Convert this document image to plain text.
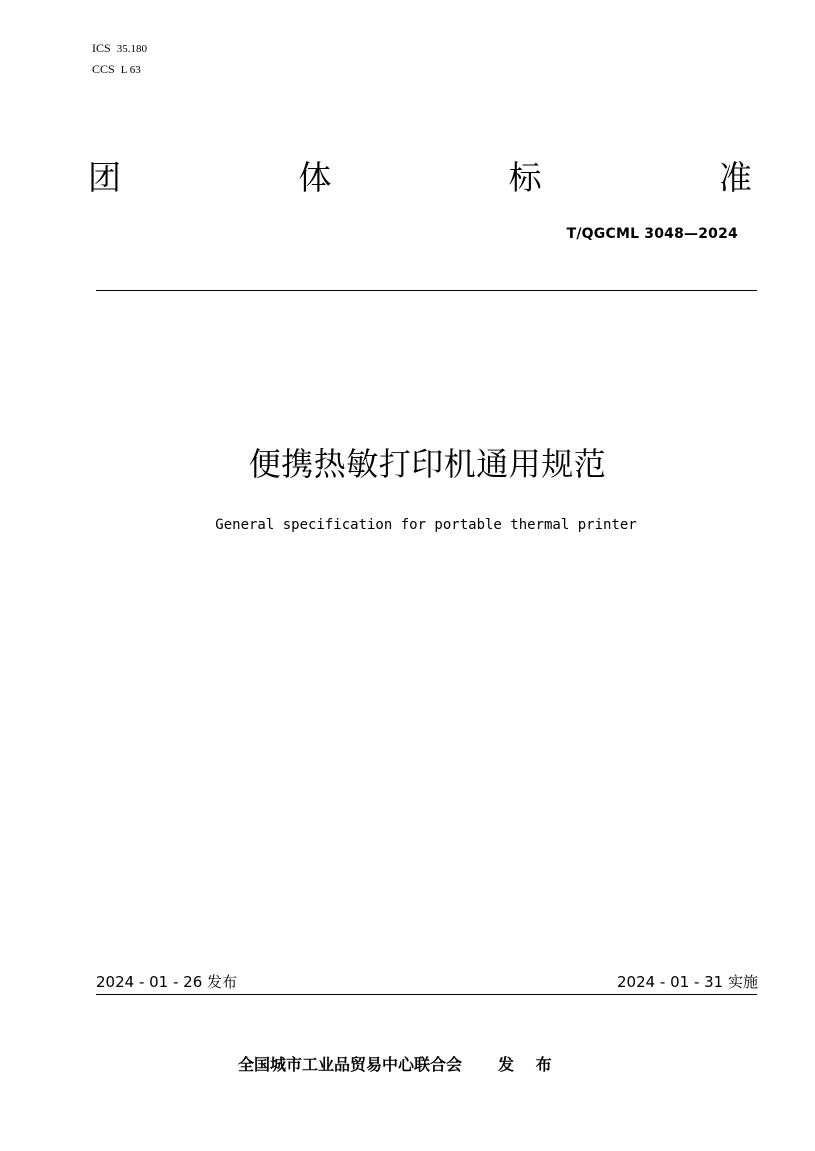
ICS 35.180
CCS L 63
团	体	标	准
T/QGCML 3048—2024
便携热敏打印机通用规范
General specification for portable thermal printer
2024 - 01 - 26 发布	2024 - 01 - 31 实施
全国城市工业品贸易中心联合会 发 布
